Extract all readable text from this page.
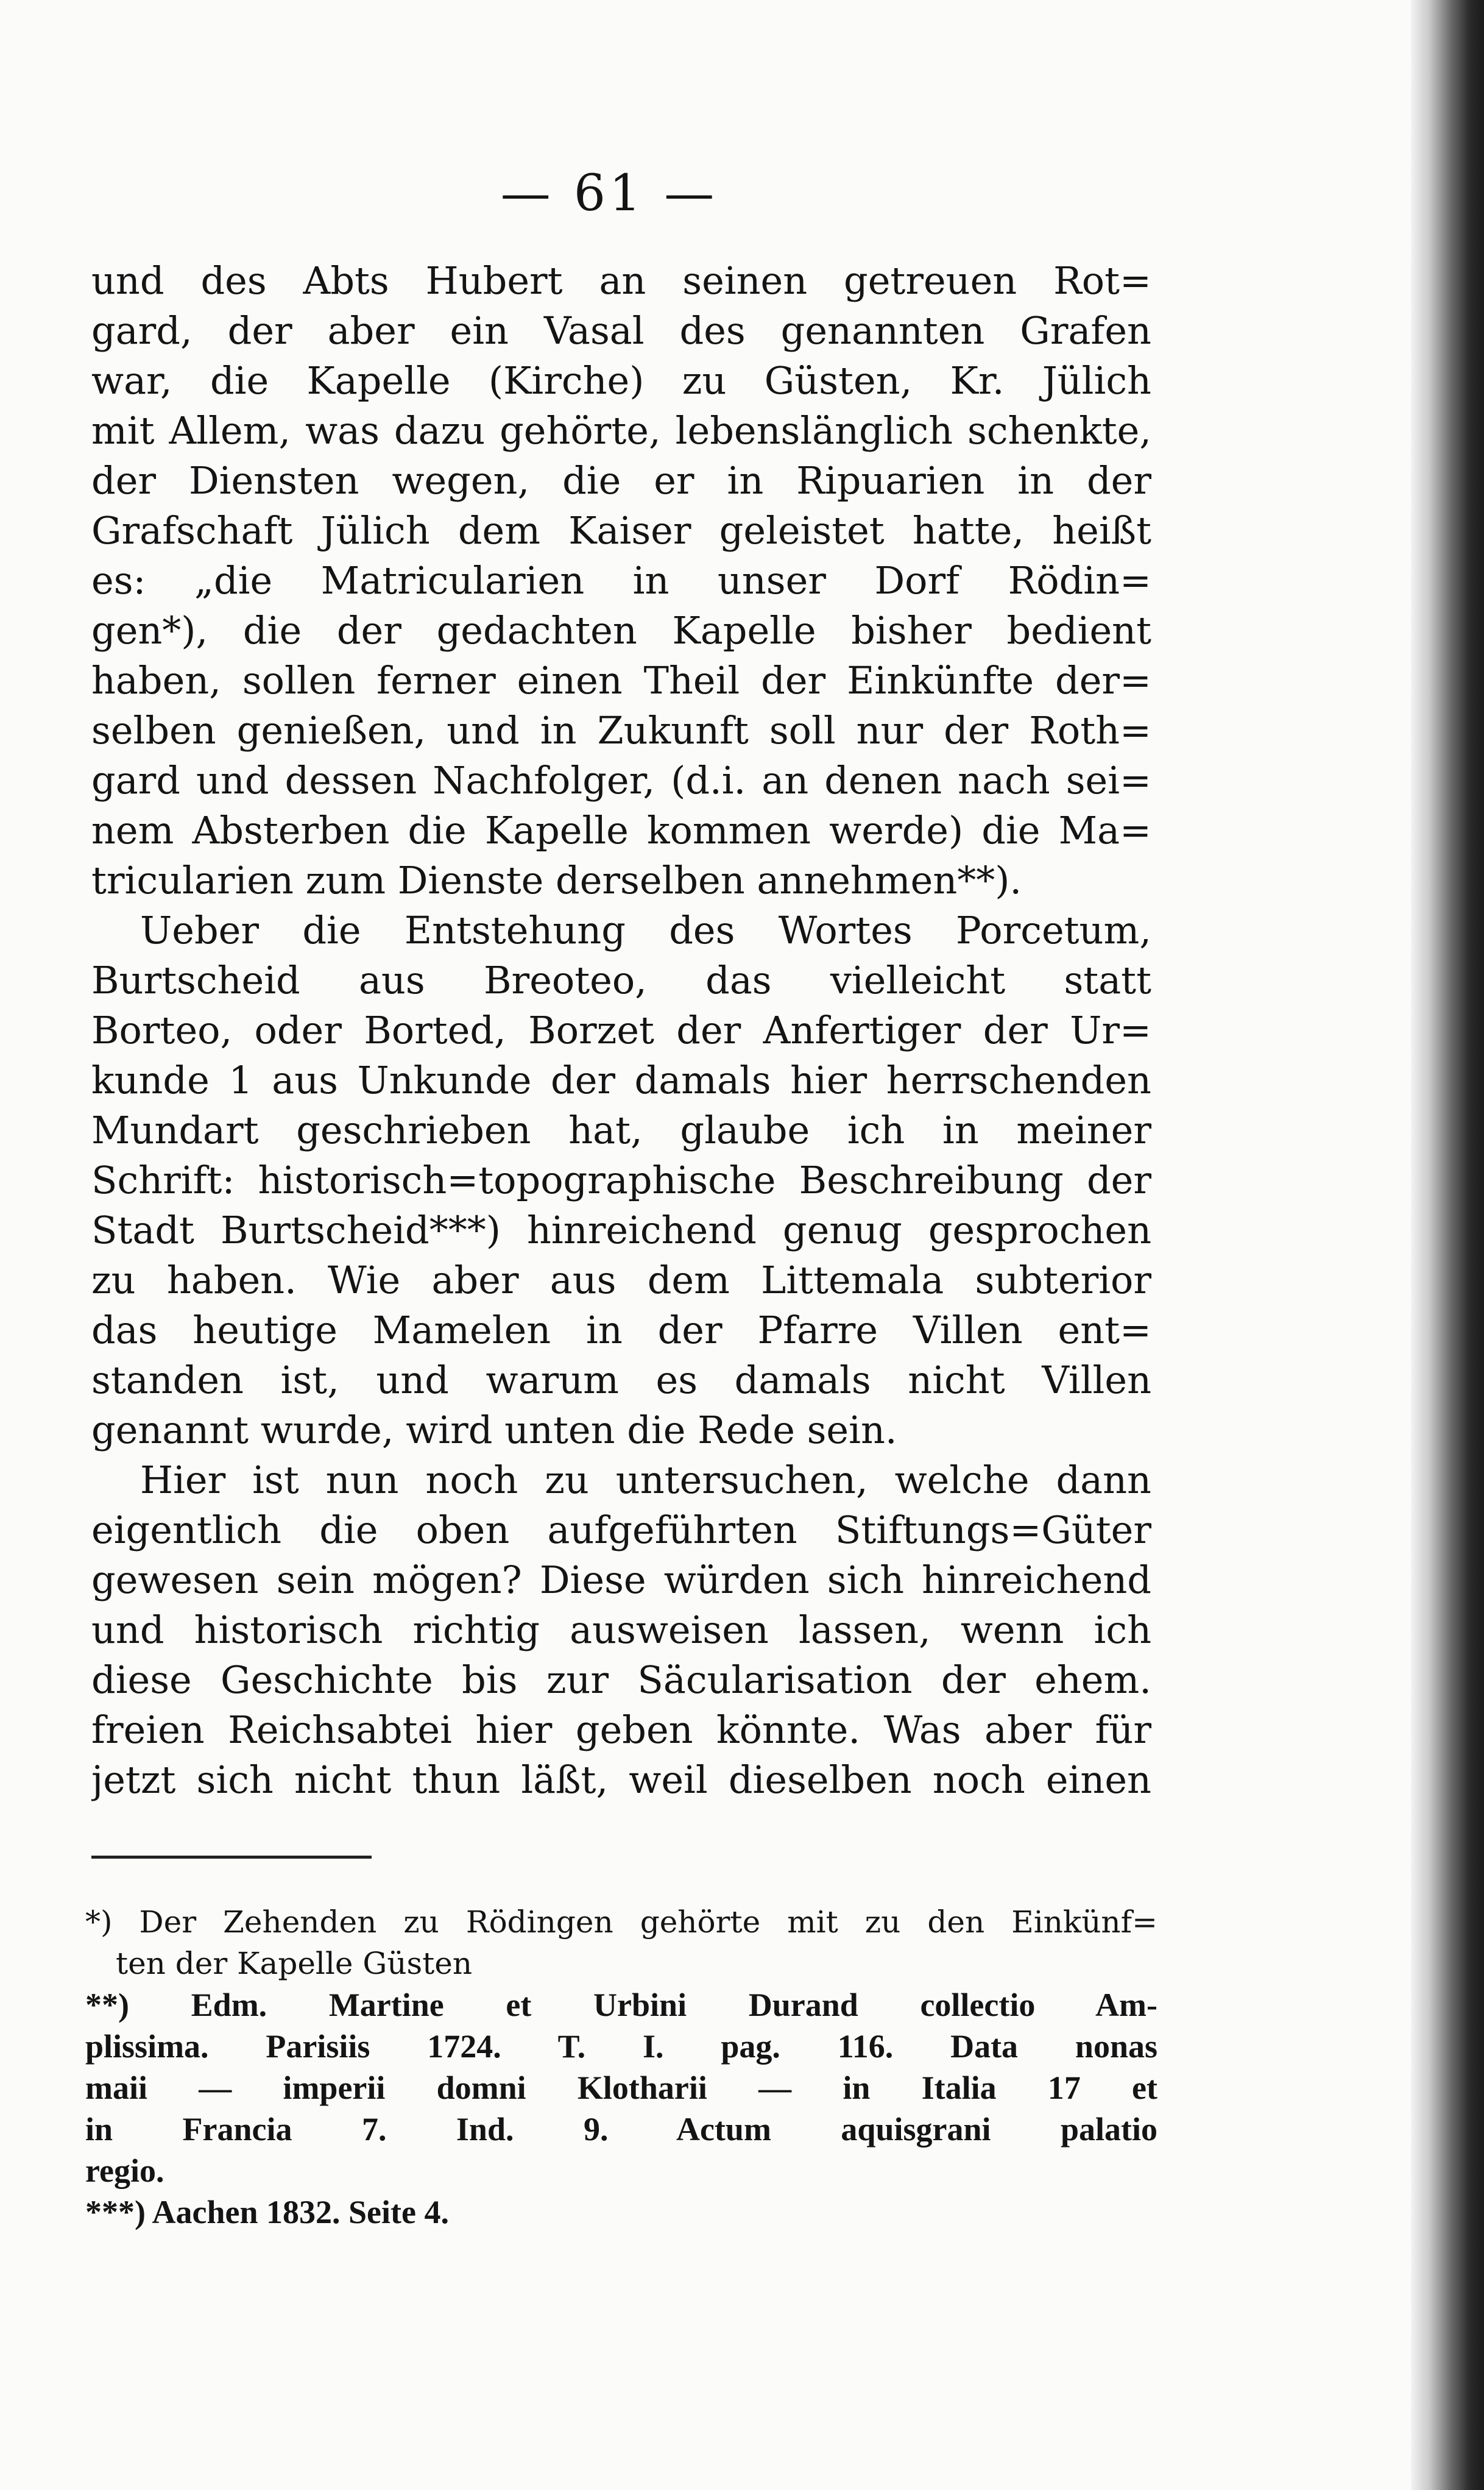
— 61 —
und des Abts Hubert an seinen getreuen Rot=
gard, der aber ein Vasal des genannten Grafen
war, die Kapelle (Kirche) zu Güsten, Kr. Jülich
mit Allem, was dazu gehörte, lebenslänglich schenkte,
der Diensten wegen, die er in Ripuarien in der
Grafschaft Jülich dem Kaiser geleistet hatte, heißt
es: „die Matricularien in unser Dorf Rödin=
gen*), die der gedachten Kapelle bisher bedient
haben, sollen ferner einen Theil der Einkünfte der=
selben genießen, und in Zukunft soll nur der Roth=
gard und dessen Nachfolger, (d.i. an denen nach sei=
nem Absterben die Kapelle kommen werde) die Ma=
tricularien zum Dienste derselben annehmen**).
Ueber die Entstehung des Wortes Porcetum,
Burtscheid aus Breoteo, das vielleicht statt
Borteo, oder Borted, Borzet der Anfertiger der Ur=
kunde 1 aus Unkunde der damals hier herrschenden
Mundart geschrieben hat, glaube ich in meiner
Schrift: historisch=topographische Beschreibung der
Stadt Burtscheid***) hinreichend genug gesprochen
zu haben. Wie aber aus dem Littemala subterior
das heutige Mamelen in der Pfarre Villen ent=
standen ist, und warum es damals nicht Villen
genannt wurde, wird unten die Rede sein.
Hier ist nun noch zu untersuchen, welche dann
eigentlich die oben aufgeführten Stiftungs=Güter
gewesen sein mögen? Diese würden sich hinreichend
und historisch richtig ausweisen lassen, wenn ich
diese Geschichte bis zur Säcularisation der ehem.
freien Reichsabtei hier geben könnte. Was aber für
jetzt sich nicht thun läßt, weil dieselben noch einen
*) Der Zehenden zu Rödingen gehörte mit zu den Einkünf=
ten der Kapelle Güsten
**) Edm. Martine et Urbini Durand collectio Am-
plissima. Parisiis 1724. T. I. pag. 116. Data nonas
maii — imperii domni Klotharii — in Italia 17 et
in Francia 7. Ind. 9. Actum aquisgrani palatio
regio.
***) Aachen 1832. Seite 4.
